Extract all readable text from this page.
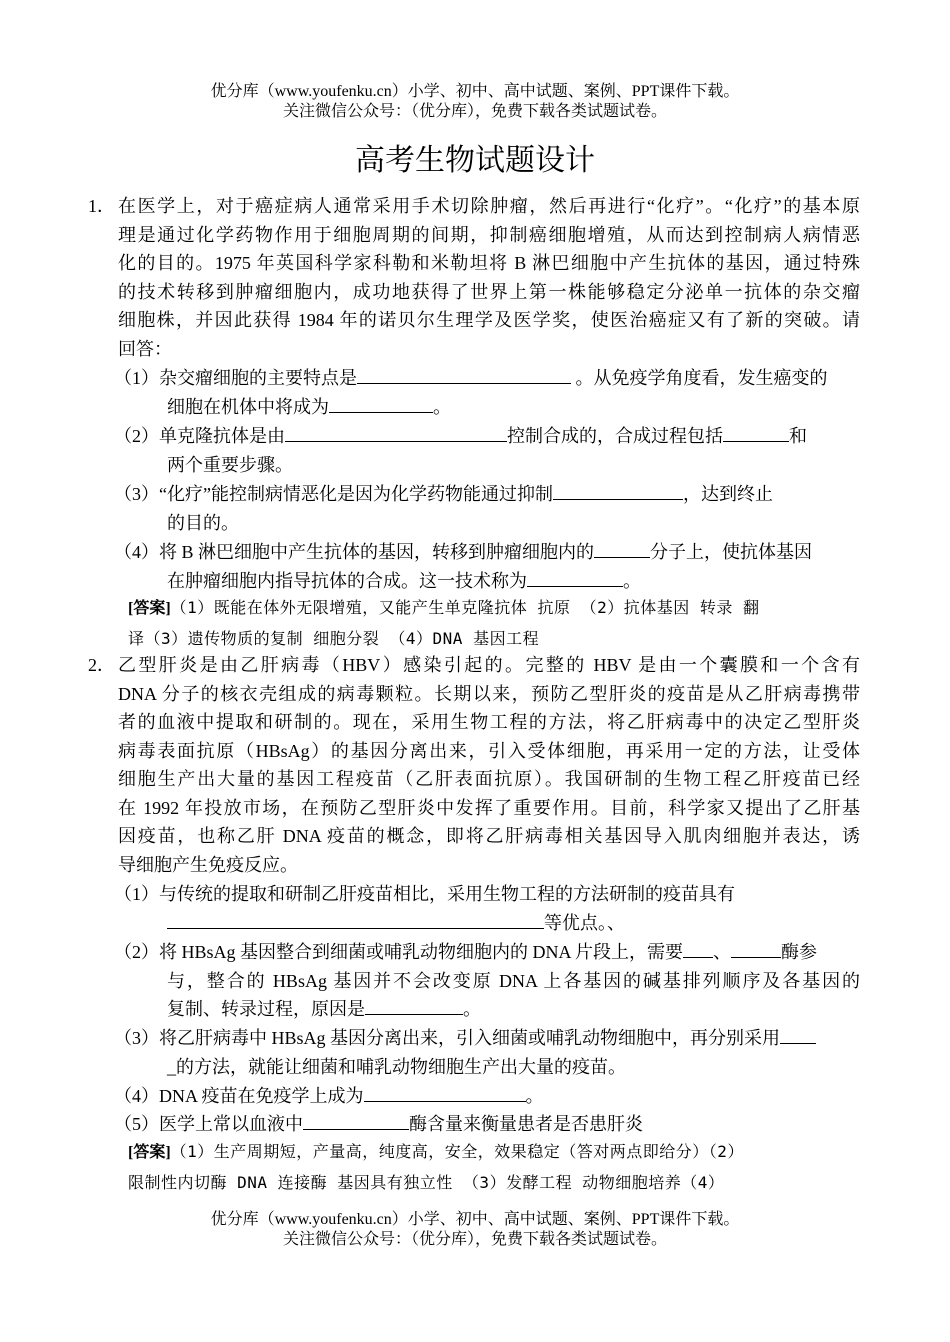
优分库（www.youfenku.cn）小学、初中、高中试题、案例、PPT课件下载。
关注微信公众号：（优分库），免费下载各类试题试卷。
高考生物试题设计
1． 在医学上，对于癌症病人通常采用手术切除肿瘤，然后再进行“化疗”。“化疗”的基本原
理是通过化学药物作用于细胞周期的间期，抑制癌细胞增殖，从而达到控制病人病情恶
化的目的。1975 年英国科学家科勒和米勒坦将 B 淋巴细胞中产生抗体的基因，通过特殊
的技术转移到肿瘤细胞内，成功地获得了世界上第一株能够稳定分泌单一抗体的杂交瘤
细胞株，并因此获得 1984 年的诺贝尔生理学及医学奖，使医治癌症又有了新的突破。请
回答：
（1）杂交瘤细胞的主要特点是	。从免疫学角度看，发生癌变的
细胞在机体中将成为	。
（2）单克隆抗体是由	控制合成的，合成过程包括	和
两个重要步骤。
（3）“化疗”能控制病情恶化是因为化学药物能通过抑制	，达到终止
的目的。
（4）将 B 淋巴细胞中产生抗体的基因，转移到肿瘤细胞内的	分子上，使抗体基因
在肿瘤细胞内指导抗体的合成。这一技术称为	。
[答案]（1）既能在体外无限增殖，又能产生单克隆抗体 抗原 （2）抗体基因 转录 翻
译（3）遗传物质的复制 细胞分裂 （4）DNA 基因工程
2． 乙型肝炎是由乙肝病毒（HBV）感染引起的。完整的 HBV 是由一个囊膜和一个含有
DNA 分子的核衣壳组成的病毒颗粒。长期以来，预防乙型肝炎的疫苗是从乙肝病毒携带
者的血液中提取和研制的。现在，采用生物工程的方法，将乙肝病毒中的决定乙型肝炎
病毒表面抗原（HBsAg）的基因分离出来，引入受体细胞，再采用一定的方法，让受体
细胞生产出大量的基因工程疫苗（乙肝表面抗原）。我国研制的生物工程乙肝疫苗已经
在 1992 年投放市场，在预防乙型肝炎中发挥了重要作用。目前，科学家又提出了乙肝基
因疫苗，也称乙肝 DNA 疫苗的概念，即将乙肝病毒相关基因导入肌肉细胞并表达，诱
导细胞产生免疫反应。
（1）与传统的提取和研制乙肝疫苗相比，采用生物工程的方法研制的疫苗具有
等优点。、
（2）将 HBsAg 基因整合到细菌或哺乳动物细胞内的 DNA 片段上，需要 、	酶参
与，整合的 HBsAg 基因并不会改变原 DNA 上各基因的碱基排列顺序及各基因的
复制、转录过程，原因是	。
（3）将乙肝病毒中 HBsAg 基因分离出来，引入细菌或哺乳动物细胞中，再分别采用
_的方法，就能让细菌和哺乳动物细胞生产出大量的疫苗。
（4）DNA 疫苗在免疫学上成为	。
（5）医学上常以血液中	酶含量来衡量患者是否患肝炎
[答案]（1）生产周期短，产量高，纯度高，安全，效果稳定（答对两点即给分）（2）
限制性内切酶 DNA 连接酶 基因具有独立性 （3）发酵工程 动物细胞培养（4）
优分库（www.youfenku.cn）小学、初中、高中试题、案例、PPT课件下载。
关注微信公众号：（优分库），免费下载各类试题试卷。
